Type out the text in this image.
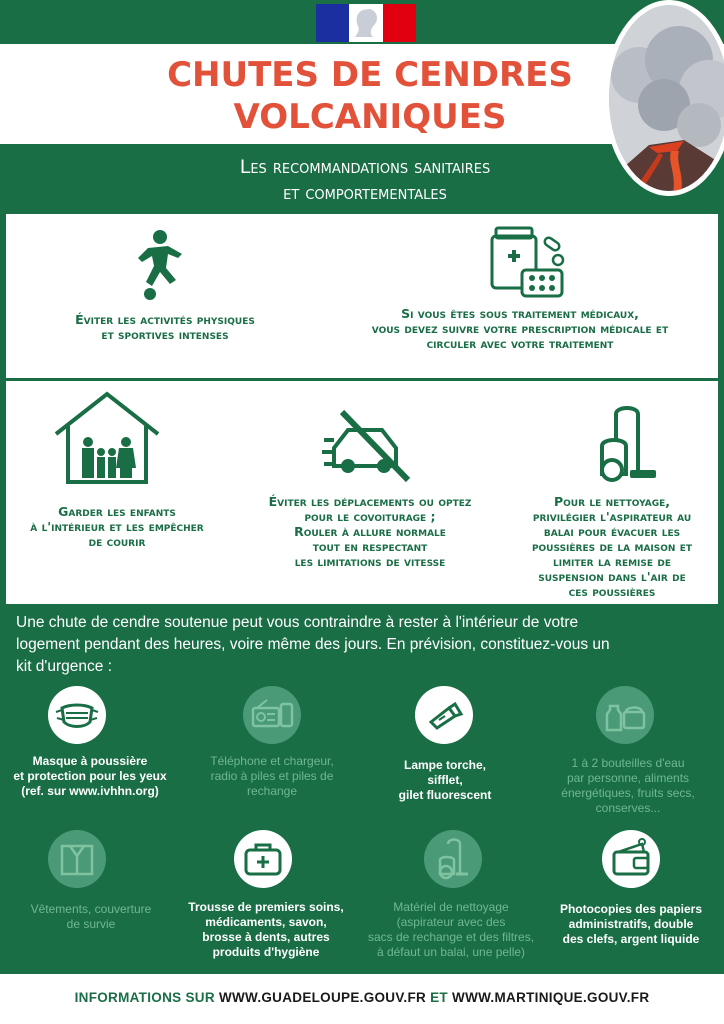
CHUTES DE CENDRES
VOLCANIQUES
Les recommandations sanitaires
et comportementales
Éviter les activités physiques
et sportives intenses
Si vous êtes sous traitement médicaux,
vous devez suivre votre prescription médicale et
circuler avec votre traitement
Garder les enfants
à l'intérieur et les empêcher
de courir
Éviter les déplacements ou optez
pour le covoiturage ;
Rouler à allure normale
tout en respectant
les limitations de vitesse
Pour le nettoyage,
privilégier l'aspirateur au
balai pour évacuer les
poussières de la maison et
limiter la remise de
suspension dans l'air de
ces poussières
Une chute de cendre soutenue peut vous contraindre à rester à l'intérieur de votre
logement pendant des heures, voire même des jours. En prévision, constituez-vous un
kit d'urgence :
Masque à poussière
et protection pour les yeux
(ref. sur www.ivhhn.org)
Téléphone et chargeur,
radio à piles et piles de
rechange
Lampe torche,
sifflet,
gilet fluorescent
1 à 2 bouteilles d'eau
par personne, aliments
énergétiques, fruits secs,
conserves...
Vêtements, couverture
de survie
Trousse de premiers soins,
médicaments, savon,
brosse à dents, autres
produits d'hygiène
Matériel de nettoyage
(aspirateur avec des
sacs de rechange et des filtres,
à défaut un balai, une pelle)
Photocopies des papiers
administratifs, double
des clefs, argent liquide
INFORMATIONS SUR WWW.GUADELOUPE.GOUV.FR ET WWW.MARTINIQUE.GOUV.FR
